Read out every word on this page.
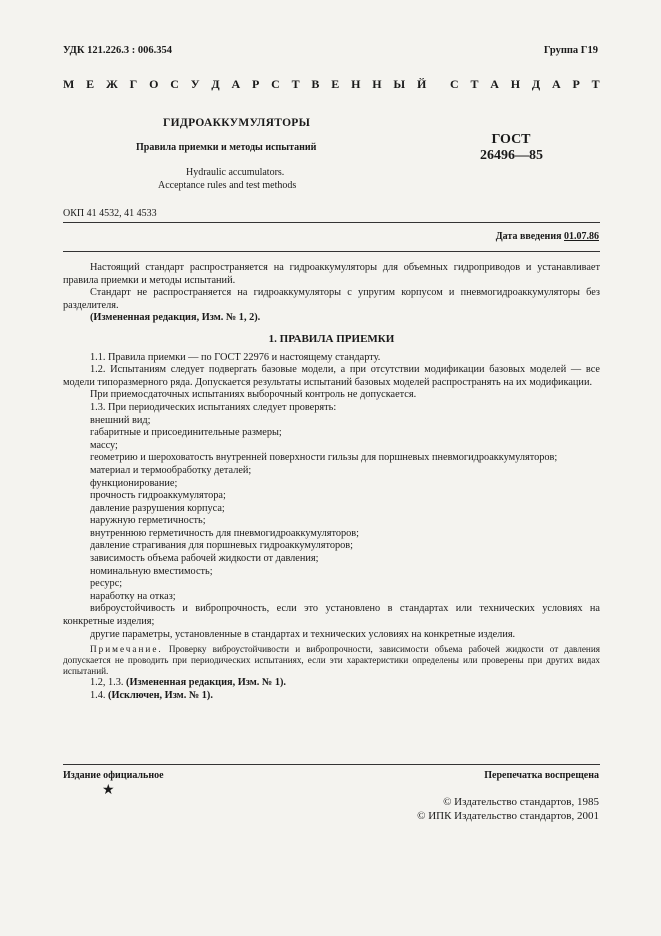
УДК 121.226.3 : 006.354	Группа Г19
М Е Ж Г О С У Д А Р С Т В Е Н Н Ы Й С Т А Н Д А Р Т
ГИДРОАККУМУЛЯТОРЫ
Правила приемки и методы испытаний
Hydraulic accumulators.
Acceptance rules and test methods
ГОСТ
26496—85
ОКП 41 4532, 41 4533
Дата введения 01.07.86

Настоящий стандарт распространяется на гидроаккумуляторы для объемных гидроприводов и устанавливает правила приемки и методы испытаний.

Стандарт не распространяется на гидроаккумуляторы с упругим корпусом и пневмогидроаккумуляторы без разделителя.

(Измененная редакция, Изм. № 1, 2).

1. ПРАВИЛА ПРИЕМКИ

1.1. Правила приемки — по ГОСТ 22976 и настоящему стандарту.

1.2. Испытаниям следует подвергать базовые модели, а при отсутствии модификации базовых моделей — все модели типоразмерного ряда. Допускается результаты испытаний базовых моделей распространять на их модификации.

При приемосдаточных испытаниях выборочный контроль не допускается.

1.3. При периодических испытаниях следует проверять:

внешний вид;

габаритные и присоединительные размеры;

массу;

геометрию и шероховатость внутренней поверхности гильзы для поршневых пневмогидроаккумуляторов;

материал и термообработку деталей;

функционирование;

прочность гидроаккумулятора;

давление разрушения корпуса;

наружную герметичность;

внутреннюю герметичность для пневмогидроаккумуляторов;

давление страгивания для поршневых гидроаккумуляторов;

зависимость объема рабочей жидкости от давления;

номинальную вместимость;

ресурс;

наработку на отказ;

виброустойчивость и вибропрочность, если это установлено в стандартах или технических условиях на конкретные изделия;

другие параметры, установленные в стандартах и технических условиях на конкретные изделия.

Примечание. Проверку виброустойчивости и вибропрочности, зависимости объема рабочей жидкости от давления допускается не проводить при периодических испытаниях, если эти характеристики определены или проверены при других видах испытаний.

1.2, 1.3. (Измененная редакция, Изм. № 1).

1.4. (Исключен, Изм. № 1).

Издание официальное	Перепечатка воспрещена
★
© Издательство стандартов, 1985
© ИПК Издательство стандартов, 2001
